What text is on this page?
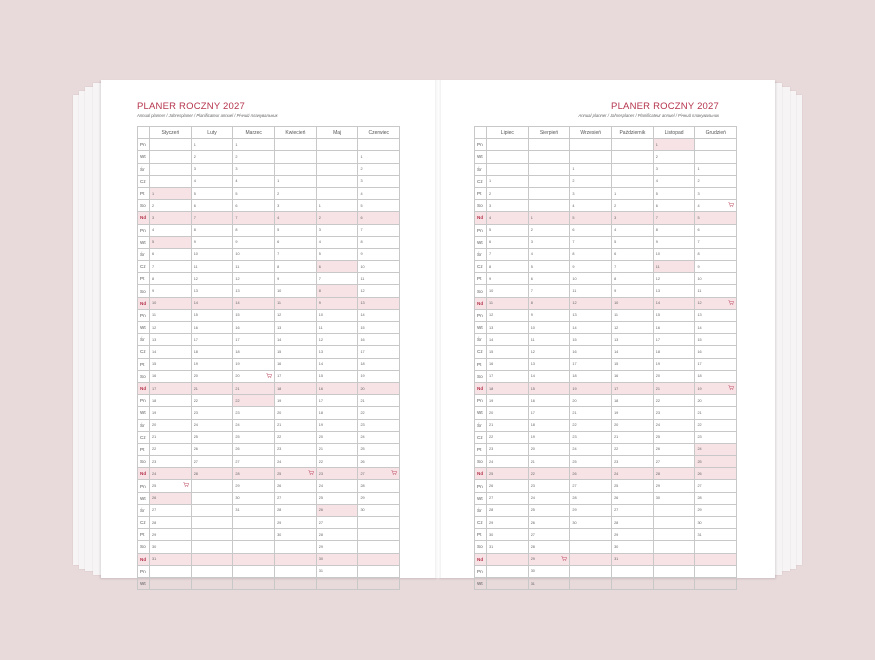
PLANER ROCZNY 2027
Annual planner / Jahresplaner / Planificateur annuel / Річний планувальник
	Styczeń	Luty	Marzec	Kwiecień	Maj	Czerwiec
Pn		1	1			
Wt		2	2			1
Śr		3	3			2
Cz		4	4	1		3
Pt	1	5	5	2		4
So	2	6	6	3	1	5
Nd	3	7	7	4	2	6
Pn	4	8	8	5	3	7
Wt	5	9	9	6	4	8
Śr	6	10	10	7	5	9
Cz	7	11	11	8	6	10
Pt	8	12	12	9	7	11
So	9	13	13	10	8	12
Nd	10	14	14	11	9	13
Pn	11	15	15	12	10	14
Wt	12	16	16	13	11	15
Śr	13	17	17	14	12	16
Cz	14	18	18	15	13	17
Pt	15	19	19	16	14	18
So	16	20	20	17	15	19
Nd	17	21	21	18	16	20
Pn	18	22	22	19	17	21
Wt	19	23	23	20	18	22
Śr	20	24	24	21	19	23
Cz	21	25	25	22	20	24
Pt	22	26	26	23	21	25
So	23	27	27	24	22	26
Nd	24	28	28	25	23	27

Pn	25		29	26	24	28
Wt	26		30	27	25	29
Śr	27		31	28	26	30
Cz	28			29	27	
Pt	29			30	28	
So	30				29	
Nd	31				30	
Pn					31	
Wt						
PLANER ROCZNY 2027
Annual planner / Jahresplaner / Planificateur annuel / Річний планувальник
	Lipiec	Sierpień	Wrzesień	Październik	Listopad	Grudzień
Pn					1	
Wt					2	
Śr			1		3	1
Cz	1		2		4	2
Pt	2		3	1	5	3
So	3		4	2	6	4

Nd	4	1	5	3	7	5
Pn	5	2	6	4	8	6
Wt	6	3	7	5	9	7
Śr	7	4	8	6	10	8
Cz	8	5	9	7	11	9
Pt	9	6	10	8	12	10
So	10	7	11	9	13	11
Nd	11	8	12	10	14	12

Pn	12	9	13	11	15	13
Wt	13	10	14	12	16	14
Śr	14	11	15	13	17	15
Cz	15	12	16	14	18	16
Pt	16	13	17	15	19	17
So	17	14	18	16	20	18
Nd	18	15	19	17	21	19

Pn	19	16	20	18	22	20
Wt	20	17	21	19	23	21
Śr	21	18	22	20	24	22
Cz	22	19	23	21	25	23
Pt	23	20	24	22	26	24
So	24	21	25	23	27	25
Nd	25	22	26	24	28	26
Pn	26	23	27	25	29	27
Wt	27	24	28	26	30	28
Śr	28	25	29	27		29
Cz	29	26	30	28		30
Pt	30	27		29		31
So	31	28		30		
Nd		29		31		
Pn		30				
Wt		31				
